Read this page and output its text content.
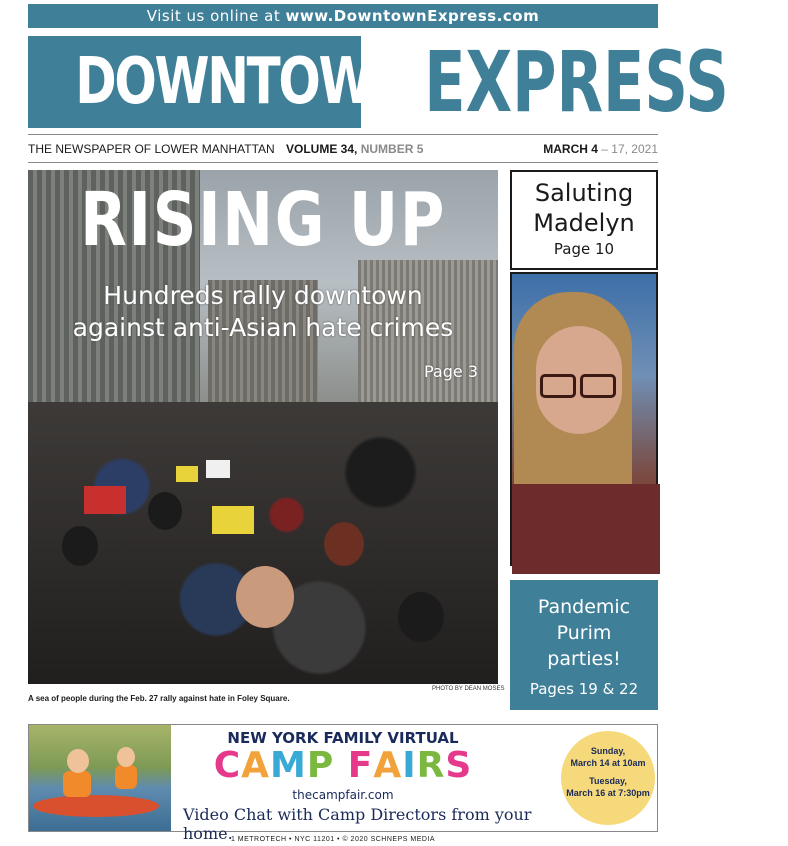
Visit us online at www.DowntownExpress.com
DOWNTOWN EXPRESS
THE NEWSPAPER OF LOWER MANHATTAN VOLUME 34, NUMBER 5	MARCH 4 – 17, 2021
RISING UP
Hundreds rally downtown
against anti-Asian hate crimes
Page 3
PHOTO BY DEAN MOSES
A sea of people during the Feb. 27 rally against hate in Foley Square.
Saluting
Madelyn
Page 10
Pandemic
Purim
parties!
Pages 19 & 22
NEW YORK FAMILY VIRTUAL
CAMP FAIRS
thecampfair.com
Video Chat with Camp Directors from your home.
Sunday,
March 14 at 10am
Tuesday,
March 16 at 7:30pm
1 METROTECH • NYC 11201 • © 2020 SCHNEPS MEDIA
